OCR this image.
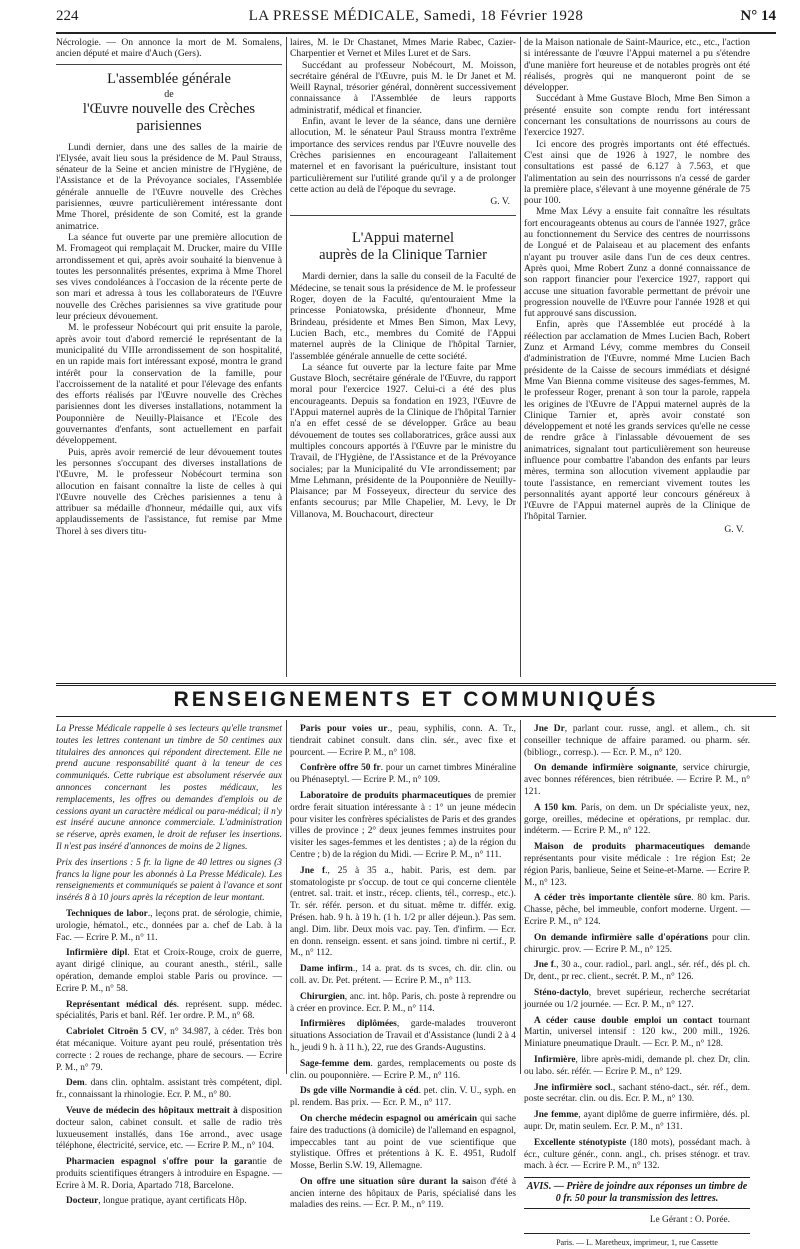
224	LA PRESSE MÉDICALE, Samedi, 18 Février 1928	N° 14

Nécrologie. — On annonce la mort de M. Somalens, ancien député et maire d'Auch (Gers).

L'assemblée générale
de
l'Œuvre nouvelle des Crèches parisiennes

Lundi dernier, dans une des salles de la mairie de l'Elysée, avait lieu sous la présidence de M. Paul Strauss, sénateur de la Seine et ancien ministre de l'Hygiène, de l'Assistance et de la Prévoyance sociales, l'Assemblée générale annuelle de l'Œuvre nouvelle des Crèches parisiennes, œuvre particulièrement intéressante dont Mme Thorel, présidente de son Comité, est la grande animatrice.

La séance fut ouverte par une première allocution de M. Fromageot qui remplaçait M. Drucker, maire du VIIIe arrondissement et qui, après avoir souhaité la bienvenue à toutes les personnalités présentes, exprima à Mme Thorel ses vives condoléances à l'occasion de la récente perte de son mari et adressa à tous les collaborateurs de l'Œuvre nouvelle des Crèches parisiennes sa vive gratitude pour leur précieux dévouement.

M. le professeur Nobécourt qui prit ensuite la parole, après avoir tout d'abord remercié le représentant de la municipalité du VIIIe arrondissement de son hospitalité, en un rapide mais fort intéressant exposé, montra le grand intérêt pour la conservation de la famille, pour l'accroissement de la natalité et pour l'élevage des enfants des efforts réalisés par l'Œuvre nouvelle des Crèches parisiennes dont les diverses installations, notamment la Pouponnière de Neuilly-Plaisance et l'Ecole des gouvernantes d'enfants, sont actuellement en parfait développement.

Puis, après avoir remercié de leur dévouement toutes les personnes s'occupant des diverses installations de l'Œuvre, M. le professeur Nobécourt termina son allocution en faisant connaître la liste de celles à qui l'Œuvre nouvelle des Crèches parisiennes a tenu à attribuer sa médaille d'honneur, médaille qui, aux vifs applaudissements de l'assistance, fut remise par Mme Thorel à ses divers titu-

laires, M. le Dr Chastanet, Mmes Marie Rabec, Cazier-Charpentier et Vernet et Miles Luret et de Sars.

Succédant au professeur Nobécourt, M. Moisson, secrétaire général de l'Œuvre, puis M. le Dr Janet et M. Weill Raynal, trésorier général, donnèrent successivement connaissance à l'Assemblée de leurs rapports administratif, médical et financier.

Enfin, avant le lever de la séance, dans une dernière allocution, M. le sénateur Paul Strauss montra l'extrême importance des services rendus par l'Œuvre nouvelle des Crèches parisiennes en encourageant l'allaitement maternel et en favorisant la puériculture, insistant tout particulièrement sur l'utilité grande qu'il y a de prolonger cette action au delà de l'époque du sevrage.

G. V.
L'Appui maternel
auprès de la Clinique Tarnier

Mardi dernier, dans la salle du conseil de la Faculté de Médecine, se tenait sous la présidence de M. le professeur Roger, doyen de la Faculté, qu'entouraient Mme la princesse Poniatowska, présidente d'honneur, Mme Brindeau, présidente et Mmes Ben Simon, Max Levy, Lucien Bach, etc., membres du Comité de l'Appui maternel auprès de la Clinique de l'hôpital Tarnier, l'assemblée générale annuelle de cette société.

La séance fut ouverte par la lecture faite par Mme Gustave Bloch, secrétaire générale de l'Œuvre, du rapport moral pour l'exercice 1927. Celui-ci a été des plus encourageants. Depuis sa fondation en 1923, l'Œuvre de l'Appui maternel auprès de la Clinique de l'hôpital Tarnier n'a en effet cessé de se développer. Grâce au beau dévouement de toutes ses collaboratrices, grâce aussi aux multiples concours apportés à l'Œuvre par le ministre du Travail, de l'Hygiène, de l'Assistance et de la Prévoyance sociales; par la Municipalité du VIe arrondissement; par Mme Lehmann, présidente de la Pouponnière de Neuilly-Plaisance; par M Fosseyeux, directeur du service des enfants secourus; par Mlle Chapelier, M. Levy, le Dr Villanova, M. Bouchacourt, directeur

de la Maison nationale de Saint-Maurice, etc., etc., l'action si intéressante de l'œuvre l'Appui maternel a pu s'étendre d'une manière fort heureuse et de notables progrès ont été réalisés, progrès qui ne manqueront point de se développer.

Succédant à Mme Gustave Bloch, Mme Ben Simon a présenté ensuite son compte rendu fort intéressant concernant les consultations de nourrissons au cours de l'exercice 1927.

Ici encore des progrès importants ont été effectués. C'est ainsi que de 1926 à 1927, le nombre des consultations est passé de 6.127 à 7.563, et que l'alimentation au sein des nourrissons n'a cessé de garder la première place, s'élevant à une moyenne générale de 75 pour 100.

Mme Max Lévy a ensuite fait connaître les résultats fort encourageants obtenus au cours de l'année 1927, grâce au fonctionnement du Service des centres de nourrissons de Longué et de Palaiseau et au placement des enfants n'ayant pu trouver asile dans l'un de ces deux centres. Après quoi, Mme Robert Zunz a donné connaissance de son rapport financier pour l'exercice 1927, rapport qui accuse une situation favorable permettant de prévoir une progression nouvelle de l'Œuvre pour l'année 1928 et qui fut approuvé sans discussion.

Enfin, après que l'Assemblée eut procédé à la réélection par acclamation de Mmes Lucien Bach, Robert Zunz et Armand Lévy, comme membres du Conseil d'administration de l'Œuvre, nommé Mme Lucien Bach présidente de la Caisse de secours immédiats et désigné Mme Van Bienna comme visiteuse des sages-femmes, M. le professeur Roger, prenant à son tour la parole, rappela les origines de l'Œuvre de l'Appui maternel auprès de la Clinique Tarnier et, après avoir constaté son développement et noté les grands services qu'elle ne cesse de rendre grâce à l'inlassable dévouement de ses animatrices, signalant tout particulièrement son heureuse influence pour combattre l'abandon des enfants par leurs mères, termina son allocution vivement applaudie par toute l'assistance, en remerciant vivement toutes les personnalités ayant apporté leur concours généreux à l'Œuvre de l'Appui maternel auprès de la Clinique de l'hôpital Tarnier.

G. V.
RENSEIGNEMENTS ET COMMUNIQUÉS

La Presse Médicale rappelle à ses lecteurs qu'elle transmet toutes les lettres contenant un timbre de 50 centimes aux titulaires des annonces qui répondent directement. Elle ne prend aucune responsabilité quant à la teneur de ces communiqués. Cette rubrique est absolument réservée aux annonces concernant les postes médicaux, les remplacements, les offres ou demandes d'emplois ou de cessions ayant un caractère médical ou para-médical; il n'y est inséré aucune annonce commerciale. L'administration se réserve, après examen, le droit de refuser les insertions. Il n'est pas inséré d'annonces de moins de 2 lignes.

Prix des insertions : 5 fr. la ligne de 40 lettres ou signes (3 francs la ligne pour les abonnés à La Presse Médicale). Les renseignements et communiqués se paient à l'avance et sont insérés 8 à 10 jours après la réception de leur montant.

Techniques de labor., leçons prat. de sérologie, chimie, urologie, hématol., etc., données par a. chef de Lab. à la Fac. — Ecrire P. M., n° 11.

Infirmière dipl. Etat et Croix-Rouge, croix de guerre, ayant dirigé clinique, au courant anesth., stéril., salle opération, demande emploi stable Paris ou province. — Ecrire P. M., n° 58.

Représentant médical dés. représent. supp. médec. spécialités, Paris et banl. Réf. 1er ordre. P. M., n° 68.

Cabriolet Citroën 5 CV, n° 34.987, à céder. Très bon état mécanique. Voiture ayant peu roulé, présentation très correcte : 2 roues de rechange, phare de secours. — Ecrire P. M., n° 79.

Dem. dans clin. ophtalm. assistant très compétent, dipl. fr., connaissant la rhinologie. Ecr. P. M., n° 80.

Veuve de médecin des hôpitaux mettrait à disposition docteur salon, cabinet consult. et salle de radio très luxueusement installés, dans 16e arrond., avec usage téléphone, électricité, service, etc. — Ecrire P. M., n° 104.

Pharmacien espagnol s'offre pour la garantie de produits scientifiques étrangers à introduire en Espagne. — Ecrire à M. R. Doria, Apartado 718, Barcelone.

Docteur, longue pratique, ayant certificats Hôp.

Paris pour voies ur., peau, syphilis, conn. A. Tr., tiendrait cabinet consult. dans clin. sér., avec fixe et pourcent. — Ecrire P. M., n° 108.

Confrère offre 50 fr. pour un carnet timbres Minéraline ou Phénaseptyl. — Ecrire P. M., n° 109.

Laboratoire de produits pharmaceutiques de premier ordre ferait situation intéressante à : 1° un jeune médecin pour visiter les confrères spécialistes de Paris et des grandes villes de province ; 2° deux jeunes femmes instruites pour visiter les sages-femmes et les dentistes ; a) de la région du Centre ; b) de la région du Midi. — Ecrire P. M., n° 111.

Jne f., 25 à 35 a., habit. Paris, est dem. par stomatologiste pr s'occup. de tout ce qui concerne clientèle (entret. sal. trait. et instr., récep. clients, tél., corresp., etc.). Tr. sér. référ. person. et du situat. même tr. différ. exig. Présen. hab. 9 h. à 19 h. (1 h. 1/2 pr aller déjeun.). Pas sem. angl. Dim. libr. Deux mois vac. pay. Ten. d'infirm. — Ecr. en donn. renseign. essent. et sans joind. timbre ni certif., P. M., n° 112.

Dame infirm., 14 a. prat. ds ts svces, ch. dir. clin. ou coll. av. Dr. Pet. prétent. — Ecrire P. M., n° 113.

Chirurgien, anc. int. hôp. Paris, ch. poste à reprendre ou à créer en province. Ecr. P. M., n° 114.

Infirmières diplômées, garde-malades trouveront situations Association de Travail et d'Assistance (lundi 2 à 4 h., jeudi 9 h. à 11 h.), 22, rue des Grands-Augustins.

Sage-femme dem. gardes, remplacements ou poste ds clin. ou pouponnière. — Ecrire P. M., n° 116.

Ds gde ville Normandie à céd. pet. clin. V. U., syph. en pl. rendem. Bas prix. — Ecr. P. M., n° 117.

On cherche médecin espagnol ou américain qui sache faire des traductions (à domicile) de l'allemand en espagnol, impeccables tant au point de vue scientifique que stylistique. Offres et prétentions à K. E. 4951, Rudolf Mosse, Berlin S.W. 19, Allemagne.

On offre une situation sûre durant la saison d'été à ancien interne des hôpitaux de Paris, spécialisé dans les maladies des reins. — Ecr. P. M., n° 119.

Jne Dr, parlant cour. russe, angl. et allem., ch. sit conseiller technique de affaire paramed. ou pharm. sér. (bibliogr., corresp.). — Ecr. P. M., n° 120.

On demande infirmière soignante, service chirurgie, avec bonnes références, bien rétribuée. — Ecrire P. M., n° 121.

A 150 km. Paris, on dem. un Dr spécialiste yeux, nez, gorge, oreilles, médecine et opérations, pr remplac. dur. indéterm. — Ecrire P. M., n° 122.

Maison de produits pharmaceutiques demande représentants pour visite médicale : 1re région Est; 2e région Paris, banlieue, Seine et Seine-et-Marne. — Ecrire P. M., n° 123.

A céder très importante clientèle sûre. 80 km. Paris. Chasse, pêche, bel immeuble, confort moderne. Urgent. — Ecrire P. M., n° 124.

On demande infirmière salle d'opérations pour clin. chirurgic. prov. — Ecrire P. M., n° 125.

Jne f., 30 a., cour. radiol., parl. angl., sér. réf., dés pl. ch. Dr, dent., pr rec. client., secrét. P. M., n° 126.

Sténo-dactylo, brevet supérieur, recherche secrétariat journée ou 1/2 journée. — Ecr. P. M., n° 127.

A céder cause double emploi un contact tournant Martin, universel intensif : 120 kw., 200 mill., 1926. Miniature pneumatique Drault. — Ecr. P. M., n° 128.

Infirmière, libre après-midi, demande pl. chez Dr, clin. ou labo. sér. référ. — Ecrire P. M., n° 129.

Jne infirmière socl., sachant sténo-dact., sér. réf., dem. poste secrétar. clin. ou dis. Ecr. P. M., n° 130.

Jne femme, ayant diplôme de guerre infirmière, dés. pl. aupr. Dr, matin seulem. Ecr. P. M., n° 131.

Excellente sténotypiste (180 mots), possédant mach. à écr., culture génér., conn. angl., ch. prises sténogr. et trav. mach. à écr. — Ecrire P. M., n° 132.

AVIS. — Prière de joindre aux réponses un timbre de 0 fr. 50 pour la transmission des lettres.
Le Gérant : O. Porée.
Paris. — L. Maretheux, imprimeur, 1, rue Cassette
